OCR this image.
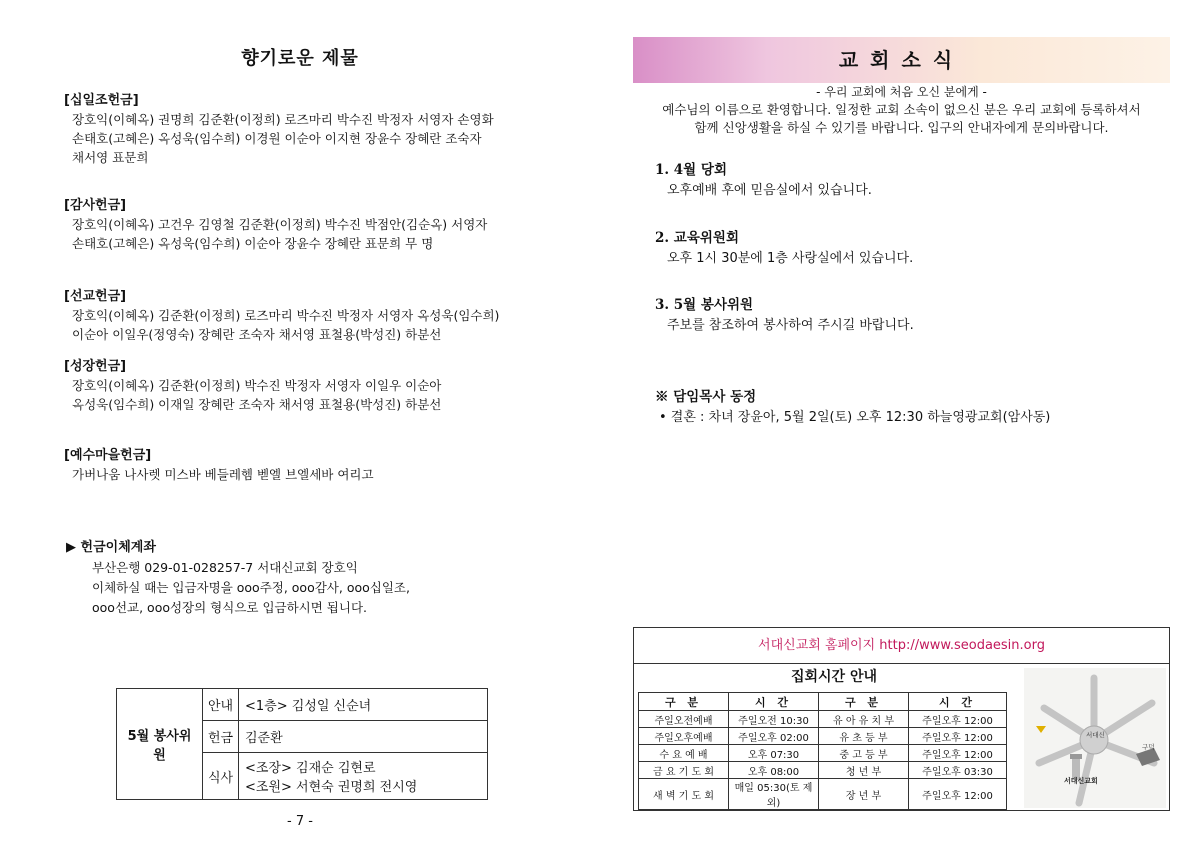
향기로운 제물
[십일조헌금]
장호익(이혜옥) 권명희 김준환(이정희) 로즈마리 박수진 박정자 서영자 손영화
손태호(고혜은) 옥성욱(임수희) 이경원 이순아 이지현 장윤수 장혜란 조숙자
채서영 표문희
[감사헌금]
장호익(이혜옥) 고건우 김영철 김준환(이정희) 박수진 박점안(김순옥) 서영자
손태호(고혜은) 옥성욱(임수희) 이순아 장윤수 장혜란 표문희 무 명
[선교헌금]
장호익(이혜옥) 김준환(이정희) 로즈마리 박수진 박정자 서영자 옥성욱(임수희)
이순아 이일우(정영숙) 장혜란 조숙자 채서영 표철용(박성진) 하분선
[성장헌금]
장호익(이혜옥) 김준환(이정희) 박수진 박정자 서영자 이일우 이순아
옥성욱(임수희) 이재일 장혜란 조숙자 채서영 표철용(박성진) 하분선
[예수마을헌금]
가버나움 나사렛 미스바 베들레헴 벧엘 브엘세바 여리고
▶ 헌금이체계좌
부산은행 029-01-028257-7 서대신교회 장호익
이체하실 때는 입금자명을 ooo주정, ooo감사, ooo십일조,
ooo선교, ooo성장의 형식으로 입금하시면 됩니다.
5월 봉사위원	안내	<1층> 김성일 신순녀
	헌금	김준환
	식사	<조장> 김재순 김현로
<조원> 서현숙 권명희 전시영
- 7 -
교회소식
- 우리 교회에 처음 오신 분에게 -
예수님의 이름으로 환영합니다. 일정한 교회 소속이 없으신 분은 우리 교회에 등록하셔서
함께 신앙생활을 하실 수 있기를 바랍니다. 입구의 안내자에게 문의바랍니다.
1. 4월 당회
오후예배 후에 믿음실에서 있습니다.
2. 교육위원회
오후 1시 30분에 1층 사랑실에서 있습니다.
3. 5월 봉사위원
주보를 참조하여 봉사하여 주시길 바랍니다.
※ 담임목사 동정
• 결혼 : 차녀 장윤아, 5월 2일(토) 오후 12:30 하늘영광교회(암사동)
서대신교회 홈페이지 http://www.seodaesin.org
집회시간 안내
구 분	시 간	구 분	시 간
주일오전예배	주일오전 10:30	유 아 유 치 부	주일오후 12:00
주일오후예배	주일오후 02:00	유 초 등 부	주일오후 12:00
수 요 예 배	오후 07:30	중 고 등 부	주일오후 12:00
금 요 기 도 회	오후 08:00	청 년 부	주일오후 03:30
새 벽 기 도 회	매일 05:30(토 제외)	장 년 부	주일오후 12:00
서대신교회
서대신
구덕
